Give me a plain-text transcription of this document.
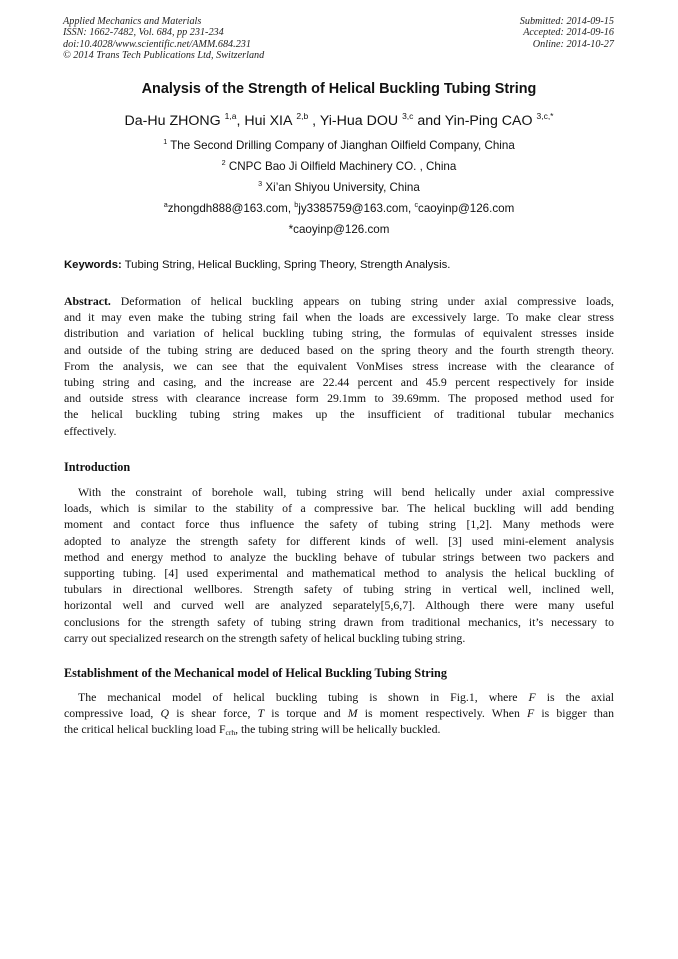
Applied Mechanics and Materials
ISSN: 1662-7482, Vol. 684, pp 231-234
doi:10.4028/www.scientific.net/AMM.684.231
© 2014 Trans Tech Publications Ltd, Switzerland
Submitted: 2014-09-15
Accepted: 2014-09-16
Online: 2014-10-27
Analysis of the Strength of Helical Buckling Tubing String
Da-Hu ZHONG $^{1,a}$, Hui XIA $^{2,b}$ , Yi-Hua DOU $^{3,c}$ and Yin-Ping CAO $^{3,c,*}$
$^1$ The Second Drilling Company of Jianghan Oilfield Company, China
$^2$ CNPC Bao Ji Oilfield Machinery CO. , China
$^3$ Xi’an Shiyou University, China
$^a$zhongdh888@163.com, $^b$jy3385759@163.com, $^c$caoyinp@126.com
*caoyinp@126.com
Keywords: Tubing String, Helical Buckling, Spring Theory, Strength Analysis.
Abstract. Deformation of helical buckling appears on tubing string under axial compressive loads,
and it may even make the tubing string fail when the loads are excessively large. To make clear stress
distribution and variation of helical buckling tubing string, the formulas of equivalent stresses inside
and outside of the tubing string are deduced based on the spring theory and the fourth strength theory.
From the analysis, we can see that the equivalent VonMises stress increase with the clearance of
tubing string and casing, and the increase are 22.44 percent and 45.9 percent respectively for inside
and outside stress with clearance increase form 29.1mm to 39.69mm. The proposed method used for
the helical buckling tubing string makes up the insufficient of traditional tubular mechanics
effectively.
Introduction
With the constraint of borehole wall, tubing string will bend helically under axial compressive
loads, which is similar to the stability of a compressive bar. The helical buckling will add bending
moment and contact force thus influence the safety of tubing string [1,2]. Many methods were
adopted to analyze the strength safety for different kinds of well. [3] used mini-element analysis
method and energy method to analyze the buckling behave of tubular strings between two packers and
supporting tubing. [4] used experimental and mathematical method to analysis the helical buckling of
tubulars in directional wellbores. Strength safety of tubing string in vertical well, inclined well,
horizontal well and curved well are analyzed separately[5,6,7]. Although there were many useful
conclusions for the strength safety of tubing string drawn from traditional mechanics, it’s necessary to
carry out specialized research on the strength safety of helical buckling tubing string.
Establishment of the Mechanical model of Helical Buckling Tubing String
The mechanical model of helical buckling tubing is shown in Fig.1, where F is the axial
compressive load, Q is shear force, T is torque and M is moment respectively. When F is bigger than
the critical helical buckling load $F_{crh}$, the tubing string will be helically buckled.
